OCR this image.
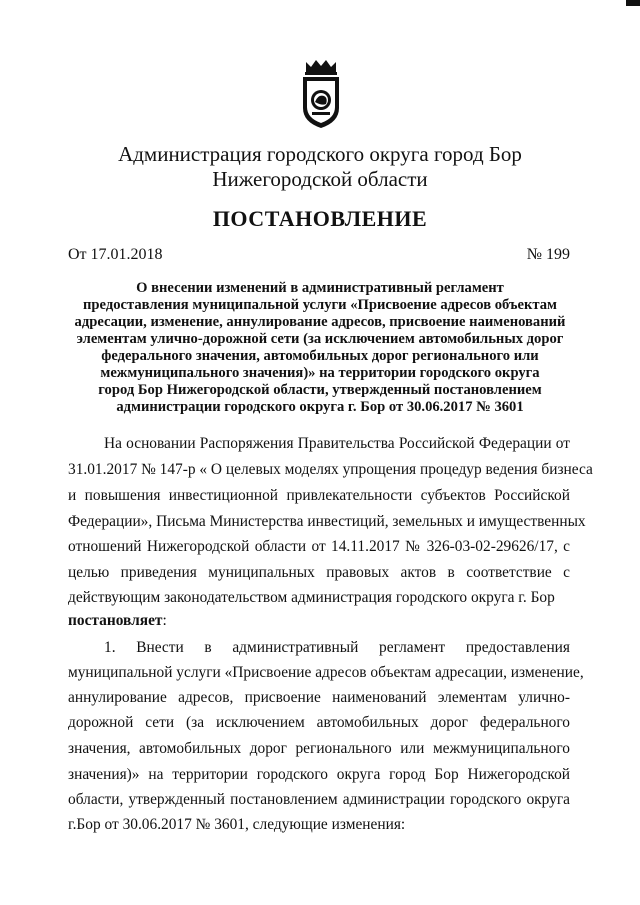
Администрация городского округа город Бор
Нижегородской области
ПОСТАНОВЛЕНИЕ
От 17.01.2018	№ 199
О внесении изменений в административный регламент
предоставления муниципальной услуги «Присвоение адресов объектам
адресации, изменение, аннулирование адресов, присвоение наименований
элементам улично-дорожной сети (за исключением автомобильных дорог
федерального значения, автомобильных дорог регионального или
межмуниципального значения)» на территории городского округа
город Бор Нижегородской области, утвержденный постановлением
администрации городского округа г. Бор от 30.06.2017 № 3601
На основании Распоряжения Правительства Российской Федерации от
31.01.2017 № 147-р « О целевых моделях упрощения процедур ведения бизнеса
и повышения инвестиционной привлекательности субъектов Российской
Федерации», Письма Министерства инвестиций, земельных и имущественных
отношений Нижегородской области от 14.11.2017 № 326-03-02-29626/17, с
целью приведения муниципальных правовых актов в соответствие с
действующим законодательством администрация городского округа г. Бор
постановляет:
1. Внести в административный регламент предоставления
муниципальной услуги «Присвоение адресов объектам адресации, изменение,
аннулирование адресов, присвоение наименований элементам улично-
дорожной сети (за исключением автомобильных дорог федерального
значения, автомобильных дорог регионального или межмуниципального
значения)» на территории городского округа город Бор Нижегородской
области, утвержденный постановлением администрации городского округа
г.Бор от 30.06.2017 № 3601, следующие изменения:
